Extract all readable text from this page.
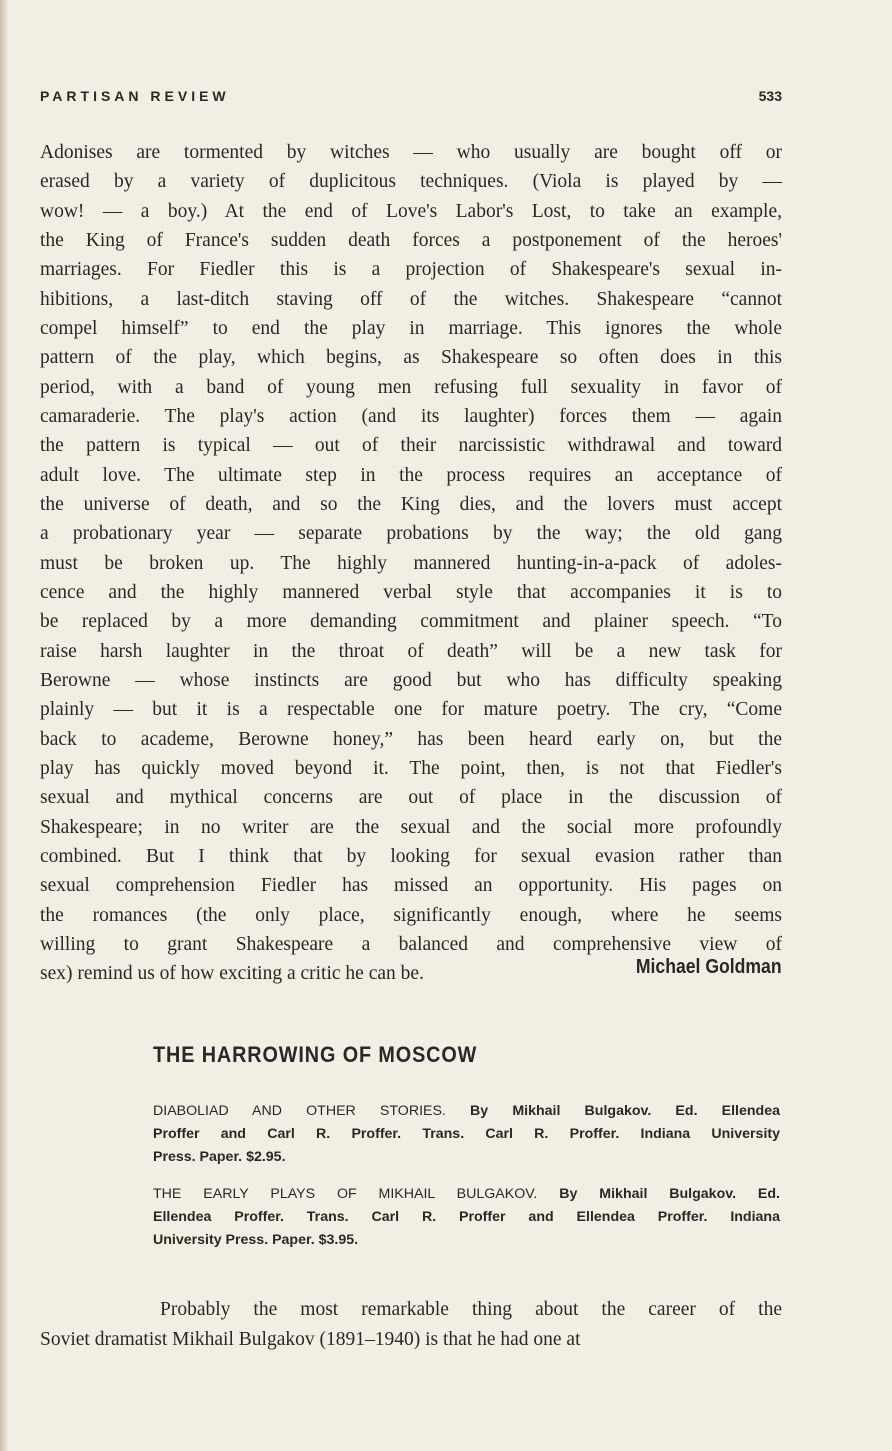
PARTISAN REVIEW	533
Adonises are tormented by witches — who usually are bought off or
erased by a variety of duplicitous techniques. (Viola is played by —
wow! — a boy.) At the end of Love's Labor's Lost, to take an example,
the King of France's sudden death forces a postponement of the heroes'
marriages. For Fiedler this is a projection of Shakespeare's sexual in-
hibitions, a last-ditch staving off of the witches. Shakespeare “cannot
compel himself” to end the play in marriage. This ignores the whole
pattern of the play, which begins, as Shakespeare so often does in this
period, with a band of young men refusing full sexuality in favor of
camaraderie. The play's action (and its laughter) forces them — again
the pattern is typical — out of their narcissistic withdrawal and toward
adult love. The ultimate step in the process requires an acceptance of
the universe of death, and so the King dies, and the lovers must accept
a probationary year — separate probations by the way; the old gang
must be broken up. The highly mannered hunting-in-a-pack of adoles-
cence and the highly mannered verbal style that accompanies it is to
be replaced by a more demanding commitment and plainer speech. “To
raise harsh laughter in the throat of death” will be a new task for
Berowne — whose instincts are good but who has difficulty speaking
plainly — but it is a respectable one for mature poetry. The cry, “Come
back to academe, Berowne honey,” has been heard early on, but the
play has quickly moved beyond it. The point, then, is not that Fiedler's
sexual and mythical concerns are out of place in the discussion of
Shakespeare; in no writer are the sexual and the social more profoundly
combined. But I think that by looking for sexual evasion rather than
sexual comprehension Fiedler has missed an opportunity. His pages on
the romances (the only place, significantly enough, where he seems
willing to grant Shakespeare a balanced and comprehensive view of
sex) remind us of how exciting a critic he can be.	Michael Goldman
THE HARROWING OF MOSCOW
DIABOLIAD AND OTHER STORIES. By Mikhail Bulgakov. Ed. Ellendea
Proffer and Carl R. Proffer. Trans. Carl R. Proffer. Indiana University
Press. Paper. $2.95.
THE EARLY PLAYS OF MIKHAIL BULGAKOV. By Mikhail Bulgakov. Ed.
Ellendea Proffer. Trans. Carl R. Proffer and Ellendea Proffer. Indiana
University Press. Paper. $3.95.
Probably the most remarkable thing about the career of the
Soviet dramatist Mikhail Bulgakov (1891–1940) is that he had one at
